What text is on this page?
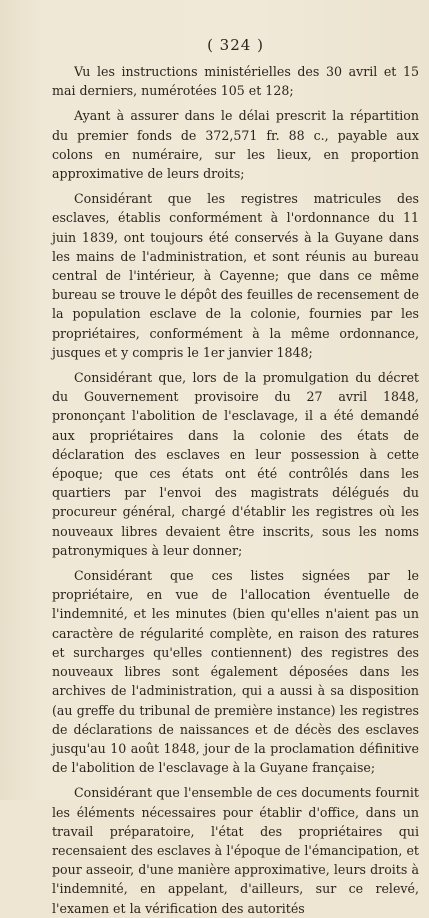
( 324 )

Vu les instructions ministérielles des 30 avril et 15 mai derniers, numérotées 105 et 128;

Ayant à assurer dans le délai prescrit la répartition du premier fonds de 372,571 fr. 88 c., payable aux colons en numéraire, sur les lieux, en proportion approximative de leurs droits;

Considérant que les registres matricules des esclaves, établis conformément à l'ordonnance du 11 juin 1839, ont toujours été conservés à la Guyane dans les mains de l'administration, et sont réunis au bureau central de l'intérieur, à Cayenne; que dans ce même bureau se trouve le dépôt des feuilles de recensement de la population esclave de la colonie, fournies par les propriétaires, conformément à la même ordonnance, jusques et y compris le 1er janvier 1848;

Considérant que, lors de la promulgation du décret du Gouvernement provisoire du 27 avril 1848, prononçant l'abolition de l'esclavage, il a été demandé aux propriétaires dans la colonie des états de déclaration des esclaves en leur possession à cette époque; que ces états ont été contrôlés dans les quartiers par l'envoi des magistrats délégués du procureur général, chargé d'établir les registres où les nouveaux libres devaient être inscrits, sous les noms patronymiques à leur donner;

Considérant que ces listes signées par le propriétaire, en vue de l'allocation éventuelle de l'indemnité, et les minutes (bien qu'elles n'aient pas un caractère de régularité complète, en raison des ratures et surcharges qu'elles contiennent) des registres des nouveaux libres sont également déposées dans les archives de l'administration, qui a aussi à sa disposition (au greffe du tribunal de première instance) les registres de déclarations de naissances et de décès des esclaves jusqu'au 10 août 1848, jour de la proclamation définitive de l'abolition de l'esclavage à la Guyane française;

Considérant que l'ensemble de ces documents fournit les éléments nécessaires pour établir d'office, dans un travail préparatoire, l'état des propriétaires qui recensaient des esclaves à l'époque de l'émancipation, et pour asseoir, d'une manière approximative, leurs droits à l'indemnité, en appelant, d'ailleurs, sur ce relevé, l'examen et la vérification des autorités
